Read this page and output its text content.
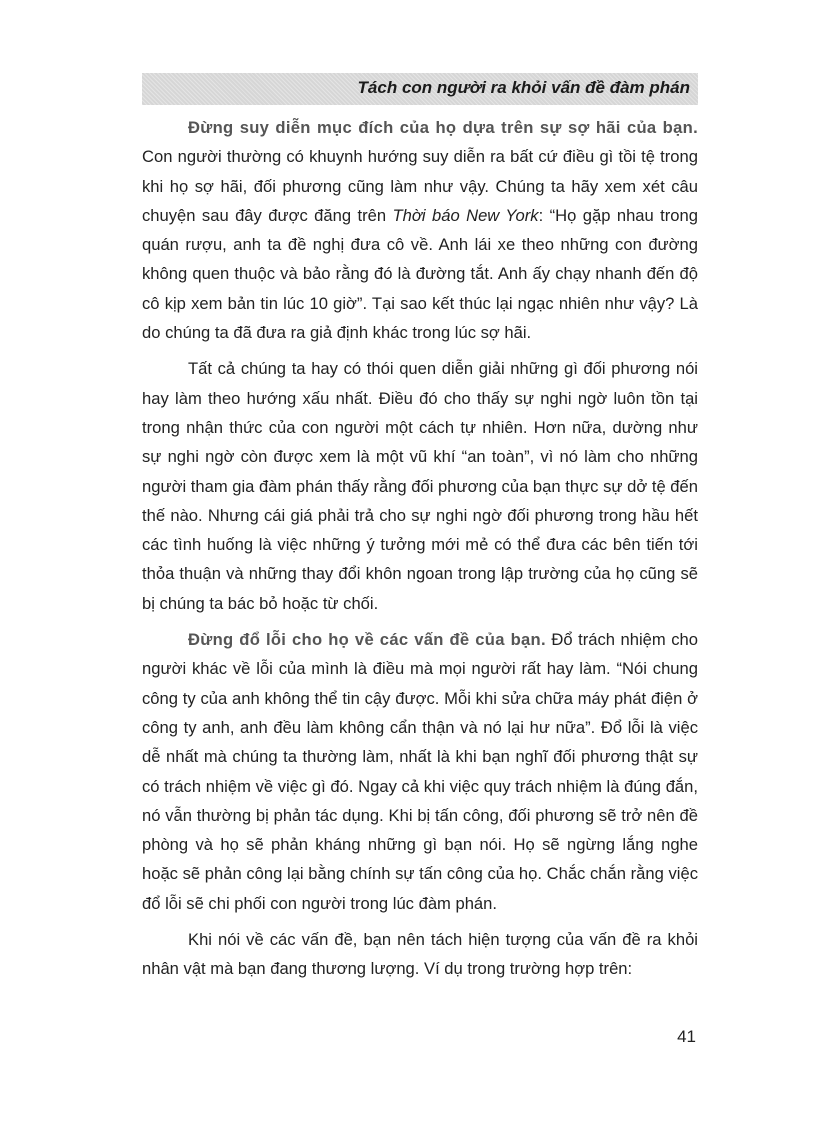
Tách con người ra khỏi vấn đề đàm phán

Đừng suy diễn mục đích của họ dựa trên sự sợ hãi của bạn. Con người thường có khuynh hướng suy diễn ra bất cứ điều gì tồi tệ trong khi họ sợ hãi, đối phương cũng làm như vậy. Chúng ta hãy xem xét câu chuyện sau đây được đăng trên Thời báo New York: “Họ gặp nhau trong quán rượu, anh ta đề nghị đưa cô về. Anh lái xe theo những con đường không quen thuộc và bảo rằng đó là đường tắt. Anh ấy chạy nhanh đến độ cô kịp xem bản tin lúc 10 giờ”. Tại sao kết thúc lại ngạc nhiên như vậy? Là do chúng ta đã đưa ra giả định khác trong lúc sợ hãi.

Tất cả chúng ta hay có thói quen diễn giải những gì đối phương nói hay làm theo hướng xấu nhất. Điều đó cho thấy sự nghi ngờ luôn tồn tại trong nhận thức của con người một cách tự nhiên. Hơn nữa, dường như sự nghi ngờ còn được xem là một vũ khí “an toàn”, vì nó làm cho những người tham gia đàm phán thấy rằng đối phương của bạn thực sự dở tệ đến thế nào. Nhưng cái giá phải trả cho sự nghi ngờ đối phương trong hầu hết các tình huống là việc những ý tưởng mới mẻ có thể đưa các bên tiến tới thỏa thuận và những thay đổi khôn ngoan trong lập trường của họ cũng sẽ bị chúng ta bác bỏ hoặc từ chối.

Đừng đổ lỗi cho họ về các vấn đề của bạn. Đổ trách nhiệm cho người khác về lỗi của mình là điều mà mọi người rất hay làm. “Nói chung công ty của anh không thể tin cậy được. Mỗi khi sửa chữa máy phát điện ở công ty anh, anh đều làm không cẩn thận và nó lại hư nữa”. Đổ lỗi là việc dễ nhất mà chúng ta thường làm, nhất là khi bạn nghĩ đối phương thật sự có trách nhiệm về việc gì đó. Ngay cả khi việc quy trách nhiệm là đúng đắn, nó vẫn thường bị phản tác dụng. Khi bị tấn công, đối phương sẽ trở nên đề phòng và họ sẽ phản kháng những gì bạn nói. Họ sẽ ngừng lắng nghe hoặc sẽ phản công lại bằng chính sự tấn công của họ. Chắc chắn rằng việc đổ lỗi sẽ chi phối con người trong lúc đàm phán.

Khi nói về các vấn đề, bạn nên tách hiện tượng của vấn đề ra khỏi nhân vật mà bạn đang thương lượng. Ví dụ trong trường hợp trên:

41
